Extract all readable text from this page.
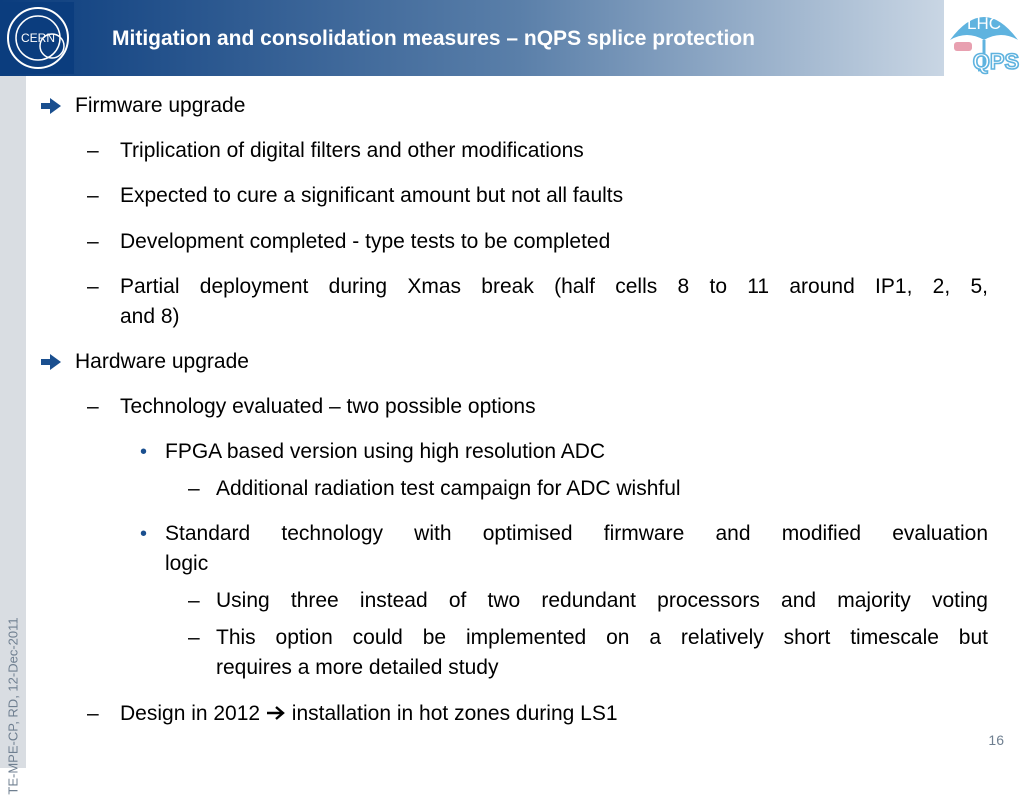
CERN	Mitigation and consolidation measures – nQPS splice protection
LHC
QPS
TE-MPE-CP, RD, 12-Dec-2011
Firmware upgrade
– Triplication of digital filters and other modifications
– Expected to cure a significant amount but not all faults
– Development completed - type tests to be completed
– Partial deployment during Xmas break (half cells 8 to 11 around IP1, 2, 5,
and 8)
Hardware upgrade
– Technology evaluated – two possible options
• FPGA based version using high resolution ADC
– Additional radiation test campaign for ADC wishful
• Standard technology with optimised firmware and modified evaluation
logic
– Using three instead of two redundant processors and majority voting
– This option could be implemented on a relatively short timescale but
requires a more detailed study
– Design in 2012 installation in hot zones during LS1
16
